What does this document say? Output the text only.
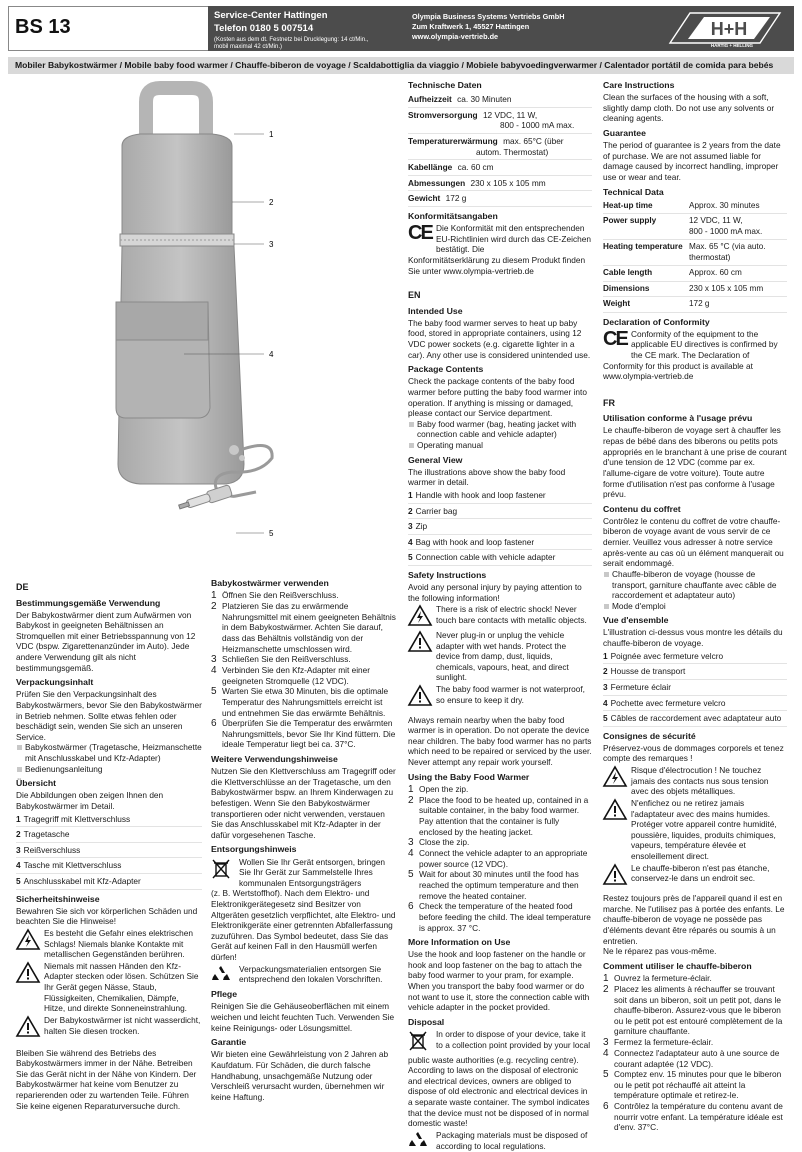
BS 13
Service-Center Hattingen
Telefon 0180 5 007514
(Kosten aus dem dt. Festnetz bei Drucklegung: 14 ct/Min.,
mobil maximal 42 ct/Min.)
Olympia Business Systems Vertriebs GmbH
Zum Kraftwerk 1, 45527 Hattingen
www.olympia-vertrieb.de	H+H
HARTIG + HELLING
Mobiler Babykostwärmer / Mobile baby food warmer / Chauffe-biberon de voyage / Scaldabottiglia da viaggio / Mobiele babyvoedingverwarmer / Calentador portátil de comida para bebés
1
2
3
4
5
DE
Bestimmungsgemäße Verwendung

Der Babykostwärmer dient zum Aufwärmen von Babykost in geeigneten Behältnissen an Stromquellen mit einer Betriebsspannung von 12 VDC (bspw. Zigarettenanzünder im Auto). Jede andere Verwendung gilt als nicht bestimmungsgemäß.

Verpackungsinhalt

Prüfen Sie den Verpackungsinhalt des Babykostwärmers, bevor Sie den Babykostwärmer in Betrieb nehmen. Sollte etwas fehlen oder beschädigt sein, wenden Sie sich an unseren Service.

Babykostwärmer (Tragetasche, Heizmanschette mit Anschlusskabel und Kfz-Adapter)

Bedienungsanleitung

Übersicht

Die Abbildungen oben zeigen Ihnen den Babykostwärmer im Detail.

1 Tragegriff mit Klettverschluss
2 Tragetasche
3 Reißverschluss
4 Tasche mit Klettverschluss
5 Anschlusskabel mit Kfz-Adapter
Sicherheitshinweise

Bewahren Sie sich vor körperlichen Schäden und beachten Sie die Hinweise!

Es besteht die Gefahr eines elektrischen Schlags! Niemals blanke Kontakte mit metallischen Gegenständen berühren.

Niemals mit nassen Händen den Kfz-Adapter stecken oder lösen. Schützen Sie Ihr Gerät gegen Nässe, Staub, Flüssigkeiten, Chemikalien, Dämpfe, Hitze, und direkte Sonneneinstrahlung.

Der Babykostwärmer ist nicht wasserdicht, halten Sie diesen trocken.

Bleiben Sie während des Betriebs des Babykostwärmers immer in der Nähe. Betreiben Sie das Gerät nicht in der Nähe von Kindern. Der Babykostwärmer hat keine vom Benutzer zu reparierenden oder zu wartenden Teile. Führen Sie keine eigenen Reparaturversuche durch.

Babykostwärmer verwenden
1 Öffnen Sie den Reißverschluss.

2 Platzieren Sie das zu erwärmende Nahrungsmittel mit einem geeigneten Behältnis in dem Babykostwärmer. Achten Sie darauf, dass das Behältnis vollständig von der Heizmanschette umschlossen wird.

3 Schließen Sie den Reißverschluss.

4 Verbinden Sie den Kfz-Adapter mit einer geeigneten Stromquelle (12 VDC).

5 Warten Sie etwa 30 Minuten, bis die optimale Temperatur des Nahrungsmittels erreicht ist und entnehmen Sie das erwärmte Behältnis.

6 Überprüfen Sie die Temperatur des erwärmten Nahrungsmittels, bevor Sie Ihr Kind füttern. Die ideale Temperatur liegt bei ca. 37°C.

Weitere Verwendungshinweise

Nutzen Sie den Klettverschluss am Tragegriff oder die Klettverschlüsse an der Tragetasche, um den Babykostwärmer bspw. an Ihrem Kinderwagen zu befestigen. Wenn Sie den Babykostwärmer transportieren oder nicht verwenden, verstauen Sie das Anschlusskabel mit Kfz-Adapter in der dafür vorgesehenen Tasche.

Entsorgungshinweis

Wollen Sie Ihr Gerät entsorgen, bringen Sie Ihr Gerät zur Sammelstelle Ihres kommunalen Entsorgungsträgers

(z. B. Wertstoffhof). Nach dem Elektro- und Elektronikgerätegesetz sind Besitzer von Altgeräten gesetzlich verpflichtet, alte Elektro- und Elektronikgeräte einer getrennten Abfallerfassung zuzuführen. Das Symbol bedeutet, dass Sie das Gerät auf keinen Fall in den Hausmüll werfen dürfen!

Verpackungsmaterialien entsorgen Sie entsprechend den lokalen Vorschriften.

Pflege

Reinigen Sie die Gehäuseoberflächen mit einem weichen und leicht feuchten Tuch. Verwenden Sie keine Reinigungs- oder Lösungsmittel.

Garantie

Wir bieten eine Gewährleistung von 2 Jahren ab Kaufdatum. Für Schäden, die durch falsche Handhabung, unsachgemäße Nutzung oder Verschleiß verursacht wurden, übernehmen wir keine Haftung.

Technische Daten
Aufheizzeit ca. 30 Minuten
Stromversorgung 12 VDC, 11 W,
800 - 1000 mA max.
Temperaturerwärmung max. 65°C (über
autom. Thermostat)
Kabellänge ca. 60 cm
Abmessungen 230 x 105 x 105 mm
Gewicht 172 g
Konformitätsangaben
CE Die Konformität mit den entsprechenden EU-Richtlinien wird durch das CE-Zeichen bestätigt. Die

Konformitätserklärung zu diesem Produkt finden Sie unter www.olympia-vertrieb.de

EN
Intended Use

The baby food warmer serves to heat up baby food, stored in appropriate containers, using 12 VDC power sockets (e.g. cigarette lighter in a car). Any other use is considered unintended use.

Package Contents

Check the package contents of the baby food warmer before putting the baby food warmer into operation. If anything is missing or damaged, please contact our Service department.

Baby food warmer (bag, heating jacket with connection cable and vehicle adapter)

Operating manual

General View

The illustrations above show the baby food warmer in detail.

1 Handle with hook and loop fastener
2 Carrier bag
3 Zip
4 Bag with hook and loop fastener
5 Connection cable with vehicle adapter
Safety Instructions

Avoid any personal injury by paying attention to the following information!

There is a risk of electric shock! Never touch bare contacts with metallic objects.

Never plug-in or unplug the vehicle adapter with wet hands. Protect the device from damp, dust, liquids, chemicals, vapours, heat, and direct sunlight.

The baby food warmer is not waterproof, so ensure to keep it dry.

Always remain nearby when the baby food warmer is in operation. Do not operate the device near children. The baby food warmer has no parts which need to be repaired or serviced by the user. Never attempt any repair work yourself.

Using the Baby Food Warmer
1 Open the zip.

2 Place the food to be heated up, contained in a suitable container, in the baby food warmer. Pay attention that the container is fully enclosed by the heating jacket.

3 Close the zip.

4 Connect the vehicle adapter to an appropriate power source (12 VDC).

5 Wait for about 30 minutes until the food has reached the optimum temperature and then remove the heated container.

6 Check the temperature of the heated food before feeding the child. The ideal temperature is approx. 37 °C.

More Information on Use

Use the hook and loop fastener on the handle or hook and loop fastener on the bag to attach the baby food warmer to your pram, for example. When you transport the baby food warmer or do not want to use it, store the connection cable with vehicle adapter in the pocket provided.

Disposal

In order to dispose of your device, take it to a collection point provided by your local

public waste authorities (e.g. recycling centre). According to laws on the disposal of electronic and electrical devices, owners are obliged to dispose of old electronic and electrical devices in a separate waste container. The symbol indicates that the device must not be disposed of in normal domestic waste!

Packaging materials must be disposed of according to local regulations.

Care Instructions

Clean the surfaces of the housing with a soft, slightly damp cloth. Do not use any solvents or cleaning agents.

Guarantee

The period of guarantee is 2 years from the date of purchase. We are not assumed liable for damage caused by incorrect handling, improper use or wear and tear.

Technical Data
Heat-up time	Approx. 30 minutes
Power supply	12 VDC, 11 W,
800 - 1000 mA max.

Heating temperature	Max. 65 °C (via auto.
thermostat)

Cable length	Approx. 60 cm
Dimensions	230 x 105 x 105 mm
Weight	172 g
Declaration of Conformity
CE Conformity of the equipment to the applicable EU directives is confirmed by the CE mark. The Declaration of

Conformity for this product is available at www.olympia-vertrieb.de

FR
Utilisation conforme à l'usage prévu

Le chauffe-biberon de voyage sert à chauffer les repas de bébé dans des biberons ou petits pots appropriés en le branchant à une prise de courant d'une tension de 12 VDC (comme par ex. l'allume-cigare de votre voiture). Toute autre forme d'utilisation n'est pas conforme à l'usage prévu.

Contenu du coffret

Contrôlez le contenu du coffret de votre chauffe-biberon de voyage avant de vous servir de ce dernier. Veuillez vous adresser à notre service après-vente au cas où un élément manquerait ou serait endommagé.

Chauffe-biberon de voyage (housse de transport, garniture chauffante avec câble de raccordement et adaptateur auto)

Mode d'emploi

Vue d'ensemble

L'illustration ci-dessus vous montre les détails du chauffe-biberon de voyage.

1 Poignée avec fermeture velcro
2 Housse de transport
3 Fermeture éclair
4 Pochette avec fermeture velcro
5 Câbles de raccordement avec adaptateur auto
Consignes de sécurité

Préservez-vous de dommages corporels et tenez compte des remarques !

Risque d'électrocution ! Ne touchez jamais des contacts nus sous tension avec des objets métalliques.

N'enfichez ou ne retirez jamais l'adaptateur avec des mains humides. Protéger votre appareil contre humidité, poussière, liquides, produits chimiques, vapeurs, température élevée et ensoleillement direct.

Le chauffe-biberon n'est pas étanche, conservez-le dans un endroit sec.

Restez toujours près de l'appareil quand il est en marche. Ne l'utilisez pas à portée des enfants. Le chauffe-biberon de voyage ne possède pas d'éléments devant être réparés ou soumis à un entretien.

Ne le réparez pas vous-même.

Comment utiliser le chauffe-biberon
1 Ouvrez la fermeture-éclair.

2 Placez les aliments à réchauffer se trouvant soit dans un biberon, soit un petit pot, dans le chauffe-biberon. Assurez-vous que le biberon ou le petit pot est entouré complètement de la garniture chauffante.

3 Fermez la fermeture-éclair.

4 Connectez l'adaptateur auto à une source de courant adaptée (12 VDC).

5 Comptez env. 15 minutes pour que le biberon ou le petit pot réchauffé ait atteint la température optimale et retirez-le.

6 Contrôlez la température du contenu avant de nourrir votre enfant. La température idéale est d'env. 37°C.
